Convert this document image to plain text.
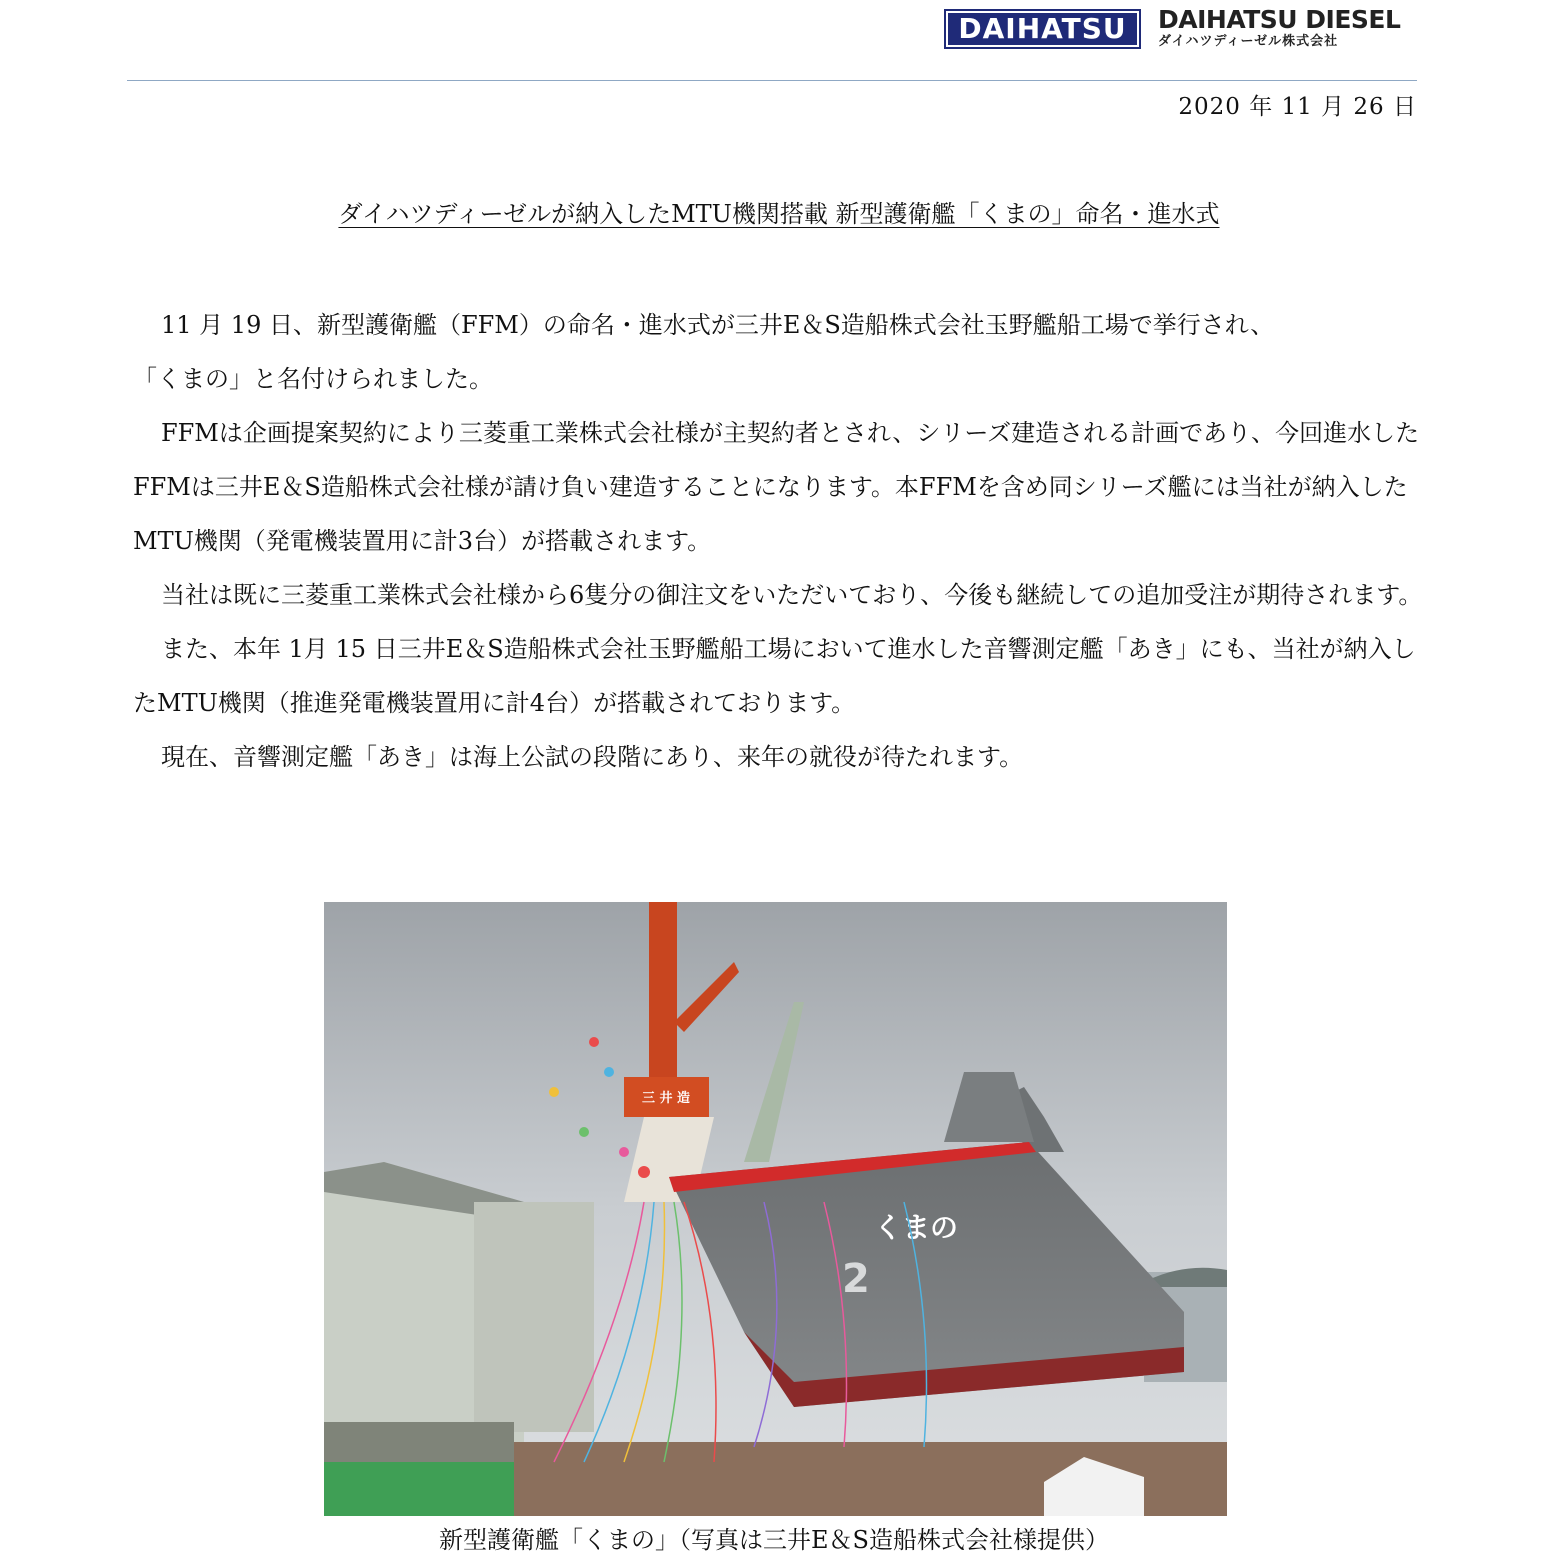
DAIHATSU	DAIHATSU DIESEL
ダイハツディーゼル株式会社
2020 年 11 月 26 日
ダイハツディーゼルが納入したMTU機関搭載 新型護衛艦「くまの」命名・進水式

11 月 19 日、新型護衛艦（FFM）の命名・進水式が三井E＆S造船株式会社玉野艦船工場で挙行され、

「くまの」と名付けられました。

FFMは企画提案契約により三菱重工業株式会社様が主契約者とされ、シリーズ建造される計画であり、今回進水したFFMは三井E＆S造船株式会社様が請け負い建造することになります。本FFMを含め同シリーズ艦には当社が納入したMTU機関（発電機装置用に計3台）が搭載されます。

当社は既に三菱重工業株式会社様から6隻分の御注文をいただいており、今後も継続しての追加受注が期待されます。

また、本年 1月 15 日三井E＆S造船株式会社玉野艦船工場において進水した音響測定艦「あき」にも、当社が納入したMTU機関（推進発電機装置用に計4台）が搭載されております。

現在、音響測定艦「あき」は海上公試の段階にあり、来年の就役が待たれます。

三 井 造
くまの
2
新型護衛艦「くまの」（写真は三井E＆S造船株式会社様提供）
